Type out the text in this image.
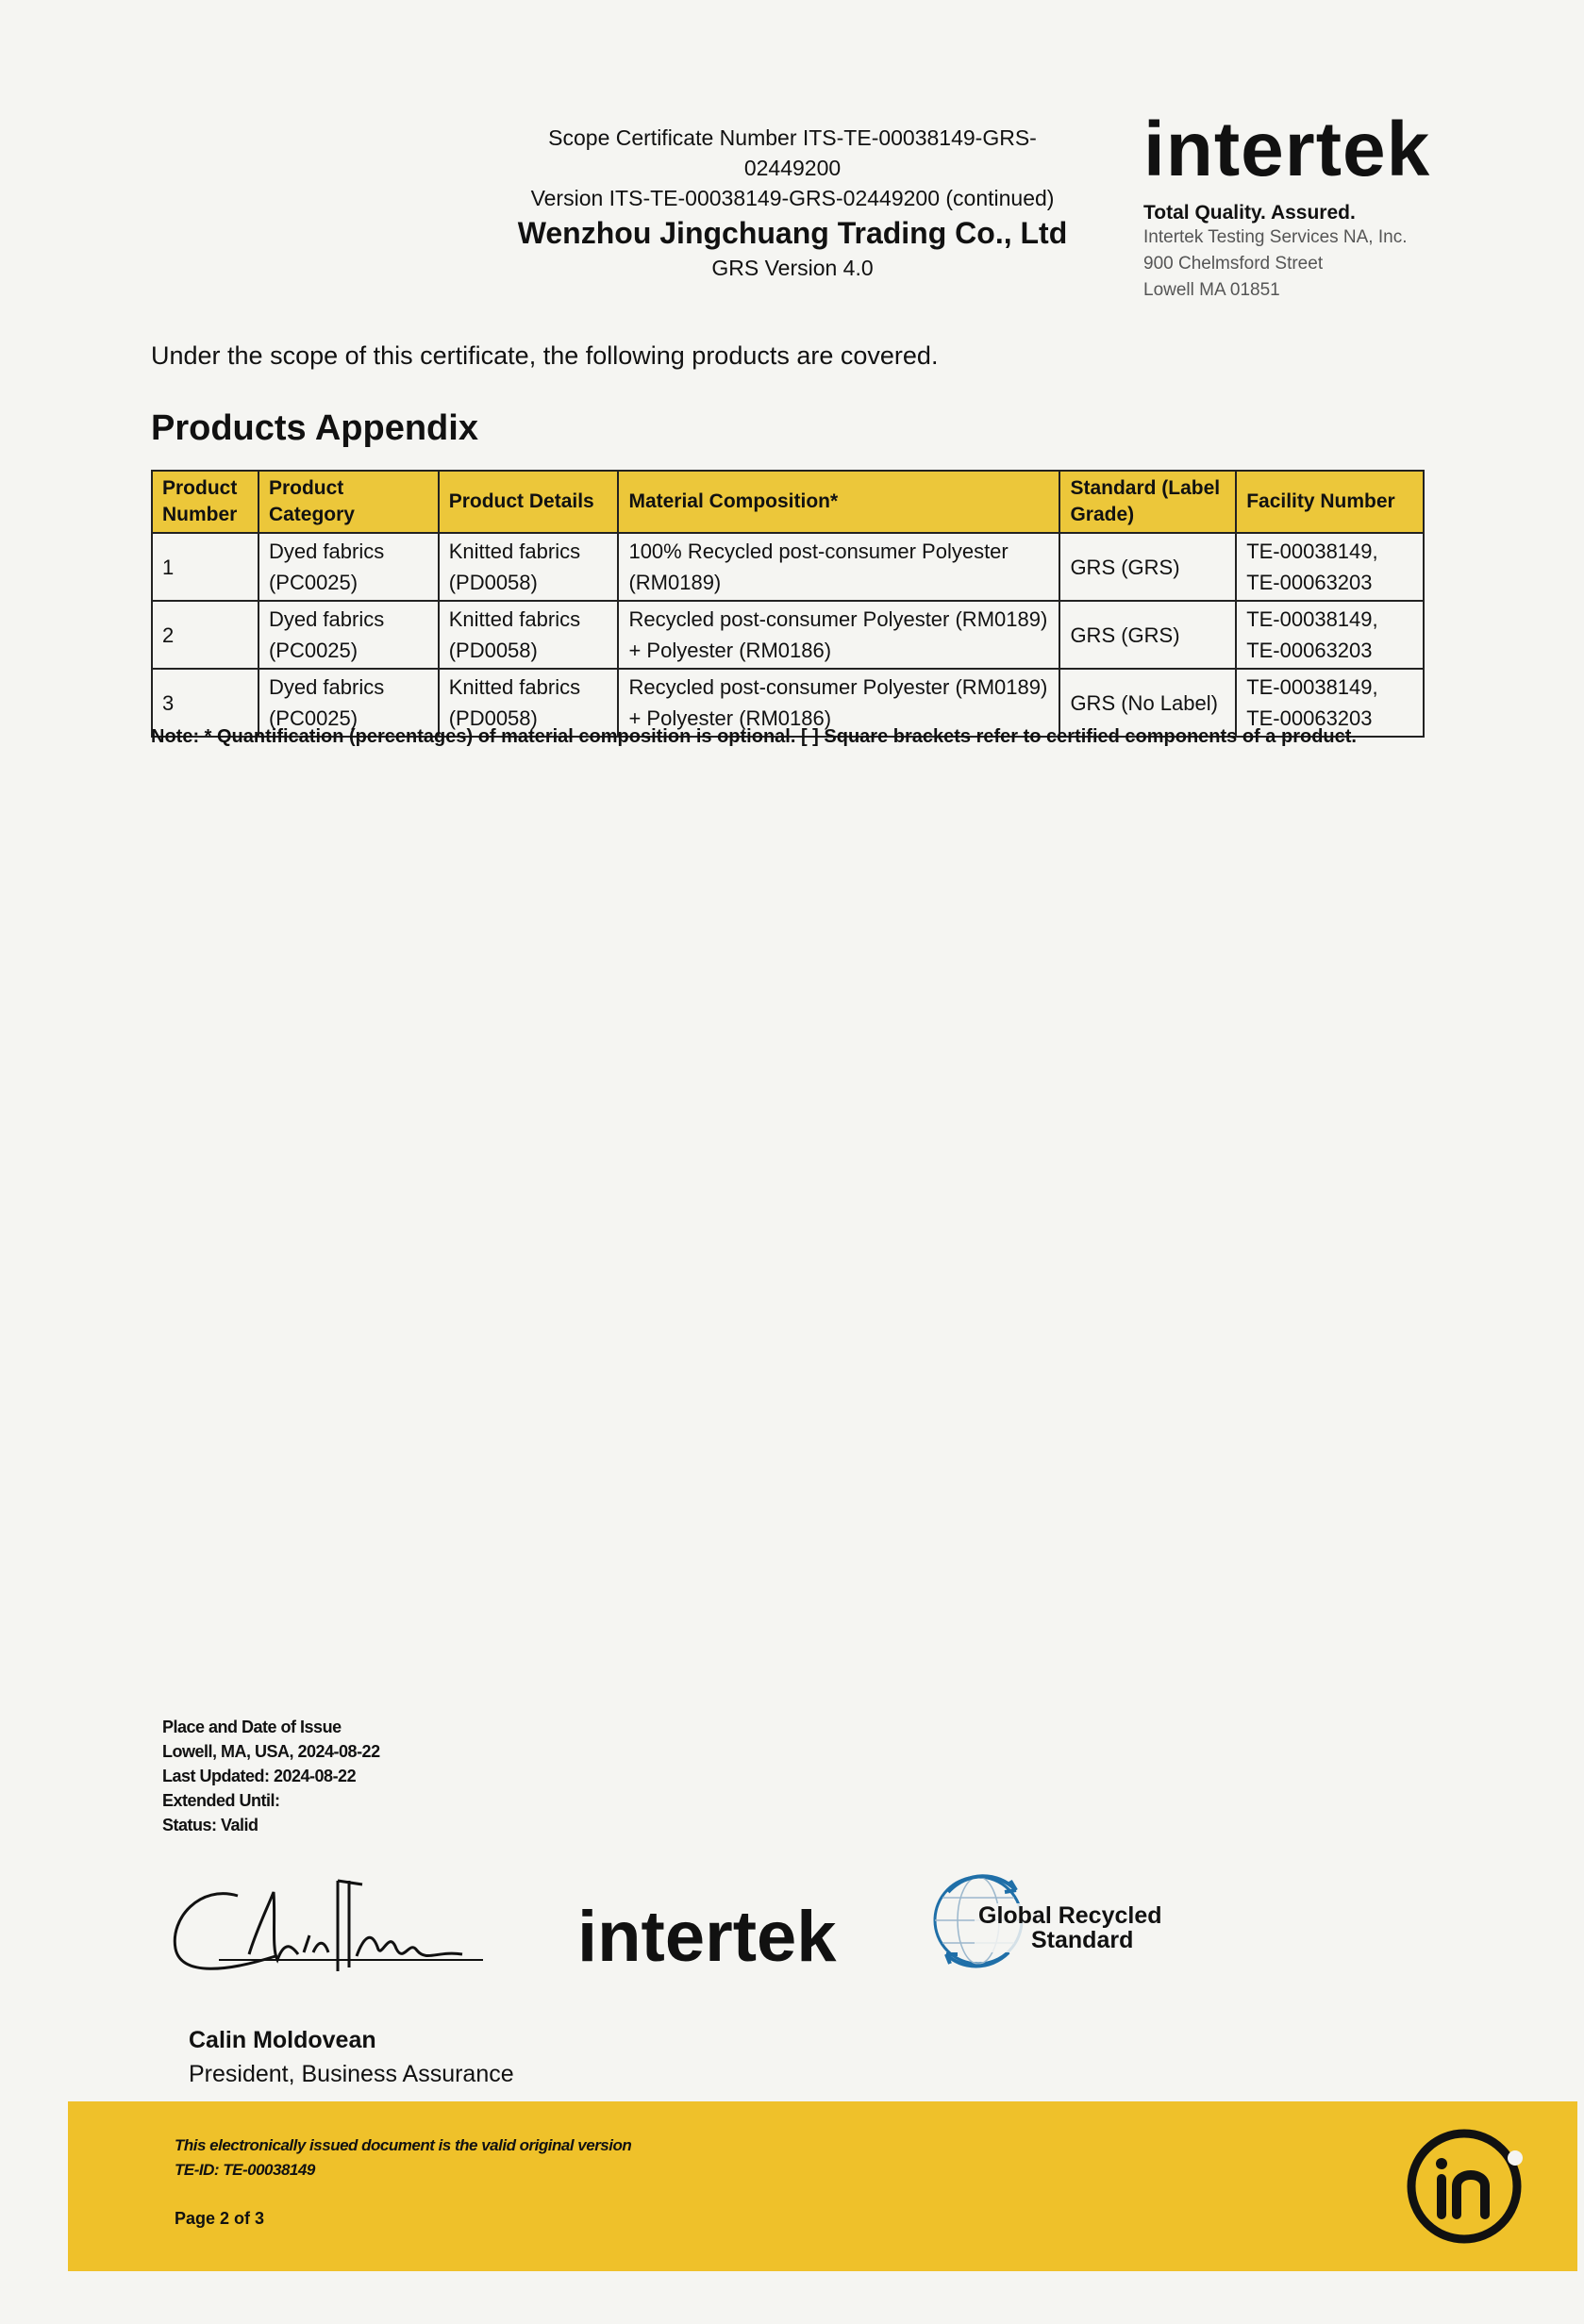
Scope Certificate Number ITS-TE-00038149-GRS-02449200
Version ITS-TE-00038149-GRS-02449200 (continued)
Wenzhou Jingchuang Trading Co., Ltd
GRS Version 4.0
intertek
Total Quality. Assured.
Intertek Testing Services NA, Inc.
900 Chelmsford Street
Lowell MA 01851
Under the scope of this certificate, the following products are covered.
Products Appendix
Product Number	Product Category	Product Details	Material Composition*	Standard (Label Grade)	Facility Number
1	Dyed fabrics (PC0025)	Knitted fabrics (PD0058)	100% Recycled post-consumer Polyester (RM0189)	GRS (GRS)	TE-00038149, TE-00063203
2	Dyed fabrics (PC0025)	Knitted fabrics (PD0058)	Recycled post-consumer Polyester (RM0189) + Polyester (RM0186)	GRS (GRS)	TE-00038149, TE-00063203
3	Dyed fabrics (PC0025)	Knitted fabrics (PD0058)	Recycled post-consumer Polyester (RM0189) + Polyester (RM0186)	GRS (No Label)	TE-00038149, TE-00063203
Note: * Quantification (percentages) of material composition is optional. [ ] Square brackets refer to certified components of a product.
Place and Date of Issue
Lowell, MA, USA, 2024-08-22
Last Updated: 2024-08-22
Extended Until:
Status: Valid
intertek	Global Recycled
Standard
Calin Moldovean
President, Business Assurance
This electronically issued document is the valid original version
TE-ID: TE-00038149
Page 2 of 3
